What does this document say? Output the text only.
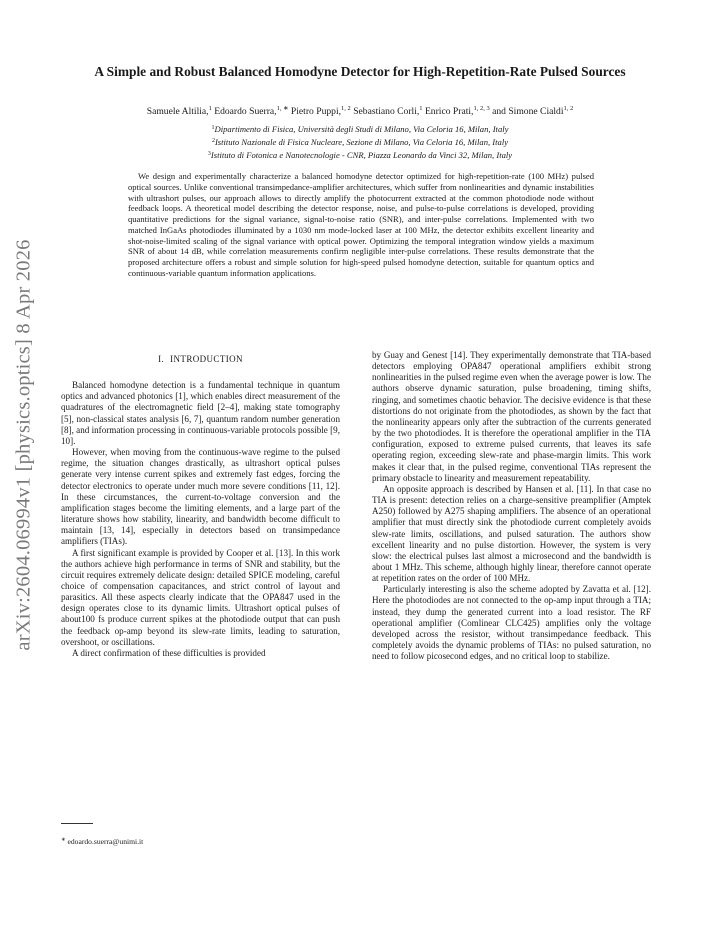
arXiv:2604.06994v1 [physics.optics] 8 Apr 2026
A Simple and Robust Balanced Homodyne Detector for High-Repetition-Rate Pulsed Sources
Samuele Altilia,$^1$ Edoardo Suerra,$^{1, ∗}$ Pietro Puppi,$^{1, 2}$ Sebastiano Corli,$^1$ Enrico Prati,$^{1, 2, 3}$ and Simone Cialdi$^{1, 2}$
$^1$Dipartimento di Fisica, Università degli Studi di Milano, Via Celoria 16, Milan, Italy
$^2$Istituto Nazionale di Fisica Nucleare, Sezione di Milano, Via Celoria 16, Milan, Italy
$^3$Istituto di Fotonica e Nanotecnologie - CNR, Piazza Leonardo da Vinci 32, Milan, Italy
We design and experimentally characterize a balanced homodyne detector optimized for high-repetition-rate (100 MHz) pulsed optical sources. Unlike conventional transimpedance-amplifier architectures, which suffer from nonlinearities and dynamic instabilities with ultrashort pulses, our approach allows to directly amplify the photocurrent extracted at the common photodiode node without feedback loops. A theoretical model describing the detector response, noise, and pulse-to-pulse correlations is developed, providing quantitative predictions for the signal variance, signal-to-noise ratio (SNR), and inter-pulse correlations. Implemented with two matched InGaAs photodiodes illuminated by a 1030 nm mode-locked laser at 100 MHz, the detector exhibits excellent linearity and shot-noise-limited scaling of the signal variance with optical power. Optimizing the temporal integration window yields a maximum SNR of about 14 dB, while correlation measurements confirm negligible inter-pulse correlations. These results demonstrate that the proposed architecture offers a robust and simple solution for high-speed pulsed homodyne detection, suitable for quantum optics and continuous-variable quantum information applications.
I. INTRODUCTION

Balanced homodyne detection is a fundamental technique in quantum optics and advanced photonics [1], which enables direct measurement of the quadratures of the electromagnetic field [2–4], making state tomography [5], non-classical states analysis [6, 7], quantum random number generation [8], and information processing in continuous-variable protocols possible [9, 10].

However, when moving from the continuous-wave regime to the pulsed regime, the situation changes drastically, as ultrashort optical pulses generate very intense current spikes and extremely fast edges, forcing the detector electronics to operate under much more severe conditions [11, 12]. In these circumstances, the current-to-voltage conversion and the amplification stages become the limiting elements, and a large part of the literature shows how stability, linearity, and bandwidth become difficult to maintain [13, 14], especially in detectors based on transimpedance amplifiers (TIAs).

A first significant example is provided by Cooper et al. [13]. In this work the authors achieve high performance in terms of SNR and stability, but the circuit requires extremely delicate design: detailed SPICE modeling, careful choice of compensation capacitances, and strict control of layout and parasitics. All these aspects clearly indicate that the OPA847 used in the design operates close to its dynamic limits. Ultrashort optical pulses of about100 fs produce current spikes at the photodiode output that can push the feedback op-amp beyond its slew-rate limits, leading to saturation, overshoot, or oscillations.

A direct confirmation of these difficulties is provided

by Guay and Genest [14]. They experimentally demonstrate that TIA-based detectors employing OPA847 operational amplifiers exhibit strong nonlinearities in the pulsed regime even when the average power is low. The authors observe dynamic saturation, pulse broadening, timing shifts, ringing, and sometimes chaotic behavior. The decisive evidence is that these distortions do not originate from the photodiodes, as shown by the fact that the nonlinearity appears only after the subtraction of the currents generated by the two photodiodes. It is therefore the operational amplifier in the TIA configuration, exposed to extreme pulsed currents, that leaves its safe operating region, exceeding slew-rate and phase-margin limits. This work makes it clear that, in the pulsed regime, conventional TIAs represent the primary obstacle to linearity and measurement repeatability.

An opposite approach is described by Hansen et al. [11]. In that case no TIA is present: detection relies on a charge-sensitive preamplifier (Amptek A250) followed by A275 shaping amplifiers. The absence of an operational amplifier that must directly sink the photodiode current completely avoids slew-rate limits, oscillations, and pulsed saturation. The authors show excellent linearity and no pulse distortion. However, the system is very slow: the electrical pulses last almost a microsecond and the bandwidth is about 1 MHz. This scheme, although highly linear, therefore cannot operate at repetition rates on the order of 100 MHz.

Particularly interesting is also the scheme adopted by Zavatta et al. [12]. Here the photodiodes are not connected to the op-amp input through a TIA; instead, they dump the generated current into a load resistor. The RF operational amplifier (Comlinear CLC425) amplifies only the voltage developed across the resistor, without transimpedance feedback. This completely avoids the dynamic problems of TIAs: no pulsed saturation, no need to follow picosecond edges, and no critical loop to stabilize.

∗ edoardo.suerra@unimi.it
